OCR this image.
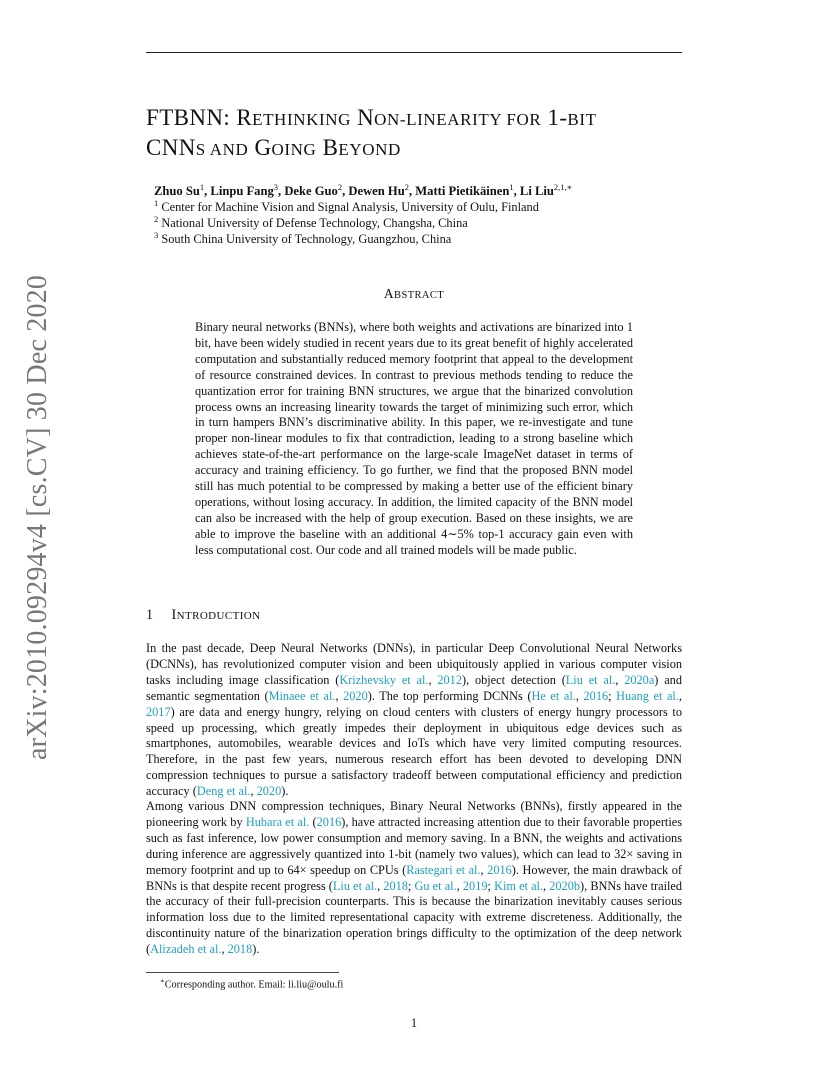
arXiv:2010.09294v4 [cs.CV] 30 Dec 2020
FTBNN: RETHINKING NON-LINEARITY FOR 1-BIT
CNNS AND GOING BEYOND
Zhuo Su$^1$, Linpu Fang$^3$, Deke Guo$^2$, Dewen Hu$^2$, Matti Pietikäinen$^1$, Li Liu$^{2,1,∗}$
$^1$ Center for Machine Vision and Signal Analysis, University of Oulu, Finland
$^2$ National University of Defense Technology, Changsha, China
$^3$ South China University of Technology, Guangzhou, China
ABSTRACT
Binary neural networks (BNNs), where both weights and activations are binarized into 1 bit, have been widely studied in recent years due to its great benefit of highly accelerated computation and substantially reduced memory footprint that appeal to the development of resource constrained devices. In contrast to previous methods tending to reduce the quantization error for training BNN structures, we argue that the binarized convolution process owns an increasing linearity towards the target of minimizing such error, which in turn hampers BNN’s discriminative ability. In this paper, we re-investigate and tune proper non-linear modules to fix that contradiction, leading to a strong baseline which achieves state-of-the-art performance on the large-scale ImageNet dataset in terms of accuracy and training efficiency. To go further, we find that the proposed BNN model still has much potential to be compressed by making a better use of the efficient binary operations, without losing accuracy. In addition, the limited capacity of the BNN model can also be increased with the help of group execution. Based on these insights, we are able to improve the baseline with an additional 4∼5% top-1 accuracy gain even with less computational cost. Our code and all trained models will be made public.
1 INTRODUCTION

In the past decade, Deep Neural Networks (DNNs), in particular Deep Convolutional Neural Networks (DCNNs), has revolutionized computer vision and been ubiquitously applied in various computer vision tasks including image classification (Krizhevsky et al., 2012), object detection (Liu et al., 2020a) and semantic segmentation (Minaee et al., 2020). The top performing DCNNs (He et al., 2016; Huang et al., 2017) are data and energy hungry, relying on cloud centers with clusters of energy hungry processors to speed up processing, which greatly impedes their deployment in ubiquitous edge devices such as smartphones, automobiles, wearable devices and IoTs which have very limited computing resources. Therefore, in the past few years, numerous research effort has been devoted to developing DNN compression techniques to pursue a satisfactory tradeoff between computational efficiency and prediction accuracy (Deng et al., 2020).

Among various DNN compression techniques, Binary Neural Networks (BNNs), firstly appeared in the pioneering work by Hubara et al. (2016), have attracted increasing attention due to their favorable properties such as fast inference, low power consumption and memory saving. In a BNN, the weights and activations during inference are aggressively quantized into 1-bit (namely two values), which can lead to 32× saving in memory footprint and up to 64× speedup on CPUs (Rastegari et al., 2016). However, the main drawback of BNNs is that despite recent progress (Liu et al., 2018; Gu et al., 2019; Kim et al., 2020b), BNNs have trailed the accuracy of their full-precision counterparts. This is because the binarization inevitably causes serious information loss due to the limited representational capacity with extreme discreteness. Additionally, the discontinuity nature of the binarization operation brings difficulty to the optimization of the deep network (Alizadeh et al., 2018).

∗Corresponding author. Email: li.liu@oulu.fi
1
